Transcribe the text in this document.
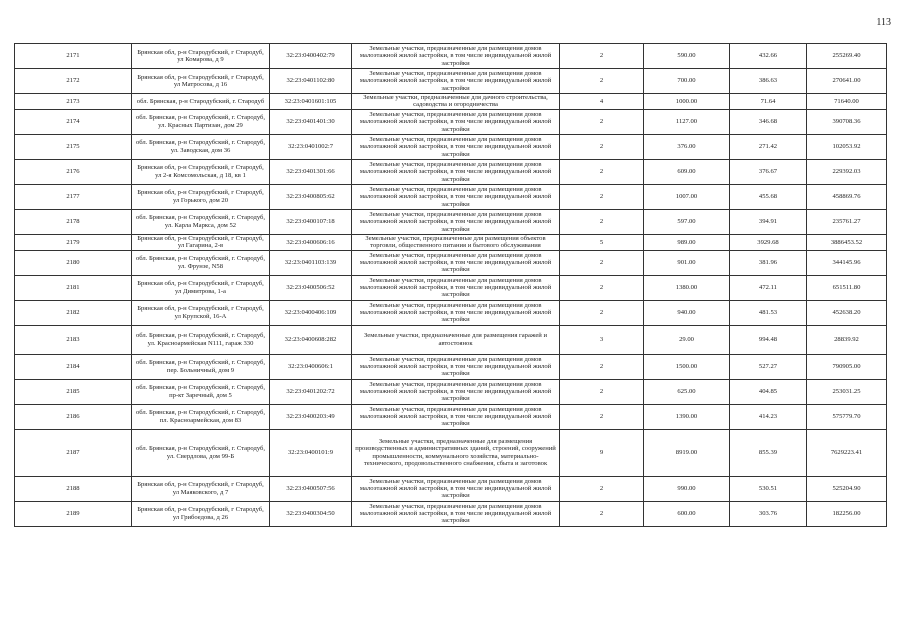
113
2171	Брянская обл, р-н Стародубский, г Стародуб, ул Комарова, д 9	32:23:0400402:79	Земельные участки, предназначенные для размещения домов малоэтажной жилой застройки, в том числе индивидуальной жилой застройки	2	590.00	432.66	255269.40
2172	Брянская обл, р-н Стародубский, г Стародуб, ул Матросова, д 16	32:23:0401102:80	Земельные участки, предназначенные для размещения домов малоэтажной жилой застройки, в том числе индивидуальной жилой застройки	2	700.00	386.63	270641.00
2173	обл. Брянская, р-н Стародубский, г. Стародуб	32:23:0401601:105	Земельные участки, предназначенные для дачного строительства, садоводства и огородничества	4	1000.00	71.64	71640.00
2174	обл. Брянская, р-н Стародубский, г. Стародуб, ул. Красных Партизан, дом 29	32:23:0401401:30	Земельные участки, предназначенные для размещения домов малоэтажной жилой застройки, в том числе индивидуальной жилой застройки	2	1127.00	346.68	390708.36
2175	обл. Брянская, р-н Стародубский, г. Стародуб, ул. Заводская, дом 36	32:23:0401002:7	Земельные участки, предназначенные для размещения домов малоэтажной жилой застройки, в том числе индивидуальной жилой застройки	2	376.00	271.42	102053.92
2176	Брянская обл, р-н Стародубский, г Стародуб, ул 2-я Комсомольская, д 18, кв 1	32:23:0401301:66	Земельные участки, предназначенные для размещения домов малоэтажной жилой застройки, в том числе индивидуальной жилой застройки	2	609.00	376.67	229392.03
2177	Брянская обл, р-н Стародубский, г Стародуб, ул Горького, дом 20	32:23:0400805:62	Земельные участки, предназначенные для размещения домов малоэтажной жилой застройки, в том числе индивидуальной жилой застройки	2	1007.00	455.68	458869.76
2178	обл. Брянская, р-н Стародубский, г. Стародуб, ул. Карла Маркса, дом 52	32:23:0400107:18	Земельные участки, предназначенные для размещения домов малоэтажной жилой застройки, в том числе индивидуальной жилой застройки	2	597.00	394.91	235761.27
2179	Брянская обл, р-н Стародубский, г Стародуб, ул Гагарина, 2-в	32:23:0400606:16	Земельные участки, предназначенные для размещения объектов торговли, общественного питания и бытового обслуживания	5	989.00	3929.68	3886453.52
2180	обл. Брянская, р-н Стародубский, г. Стародуб, ул. Фрунзе, N58	32:23:0401103:139	Земельные участки, предназначенные для размещения домов малоэтажной жилой застройки, в том числе индивидуальной жилой застройки	2	901.00	381.96	344145.96
2181	Брянская обл, р-н Стародубский, г Стародуб, ул Димитрова, 1-а	32:23:0400506:52	Земельные участки, предназначенные для размещения домов малоэтажной жилой застройки, в том числе индивидуальной жилой застройки	2	1380.00	472.11	651511.80
2182	Брянская обл, р-н Стародубский, г Стародуб, ул Крупской, 16-А	32:23:0400406:109	Земельные участки, предназначенные для размещения домов малоэтажной жилой застройки, в том числе индивидуальной жилой застройки	2	940.00	481.53	452638.20
2183	обл. Брянская, р-н Стародубский, г. Стародуб, ул. Красноармейская N111, гараж 330	32:23:0400608:282	Земельные участки, предназначенные для размещения гаражей и автостоянок	3	29.00	994.48	28839.92
2184	обл. Брянская, р-н Стародубский, г. Стародуб, пер. Больничный, дом 9	32:23:0400606:1	Земельные участки, предназначенные для размещения домов малоэтажной жилой застройки, в том числе индивидуальной жилой застройки	2	1500.00	527.27	790905.00
2185	обл. Брянская, р-н Стародубский, г. Стародуб, пр-кт Заречный, дом 5	32:23:0401202:72	Земельные участки, предназначенные для размещения домов малоэтажной жилой застройки, в том числе индивидуальной жилой застройки	2	625.00	404.85	253031.25
2186	обл. Брянская, р-н Стародубский, г. Стародуб, пл. Красноармейская, дом 83	32:23:0400203:49	Земельные участки, предназначенные для размещения домов малоэтажной жилой застройки, в том числе индивидуальной жилой застройки	2	1390.00	414.23	575779.70
2187	обл. Брянская, р-н Стародубский, г. Стародуб, ул. Свердлова, дом 99-Б	32:23:0400101:9	Земельные участки, предназначенные для размещения производственных и административных зданий, строений, сооружений промышленности, коммунального хозяйства, материально-технического, продовольственного снабжения, сбыта и заготовок	9	8919.00	855.39	7629223.41
2188	Брянская обл, р-н Стародубский, г Стародуб, ул Маяковского, д 7	32:23:0400507:56	Земельные участки, предназначенные для размещения домов малоэтажной жилой застройки, в том числе индивидуальной жилой застройки	2	990.00	530.51	525204.90
2189	Брянская обл, р-н Стародубский, г Стародуб, ул Грибоедова, д 26	32:23:0400304:50	Земельные участки, предназначенные для размещения домов малоэтажной жилой застройки, в том числе индивидуальной жилой застройки	2	600.00	303.76	182256.00
